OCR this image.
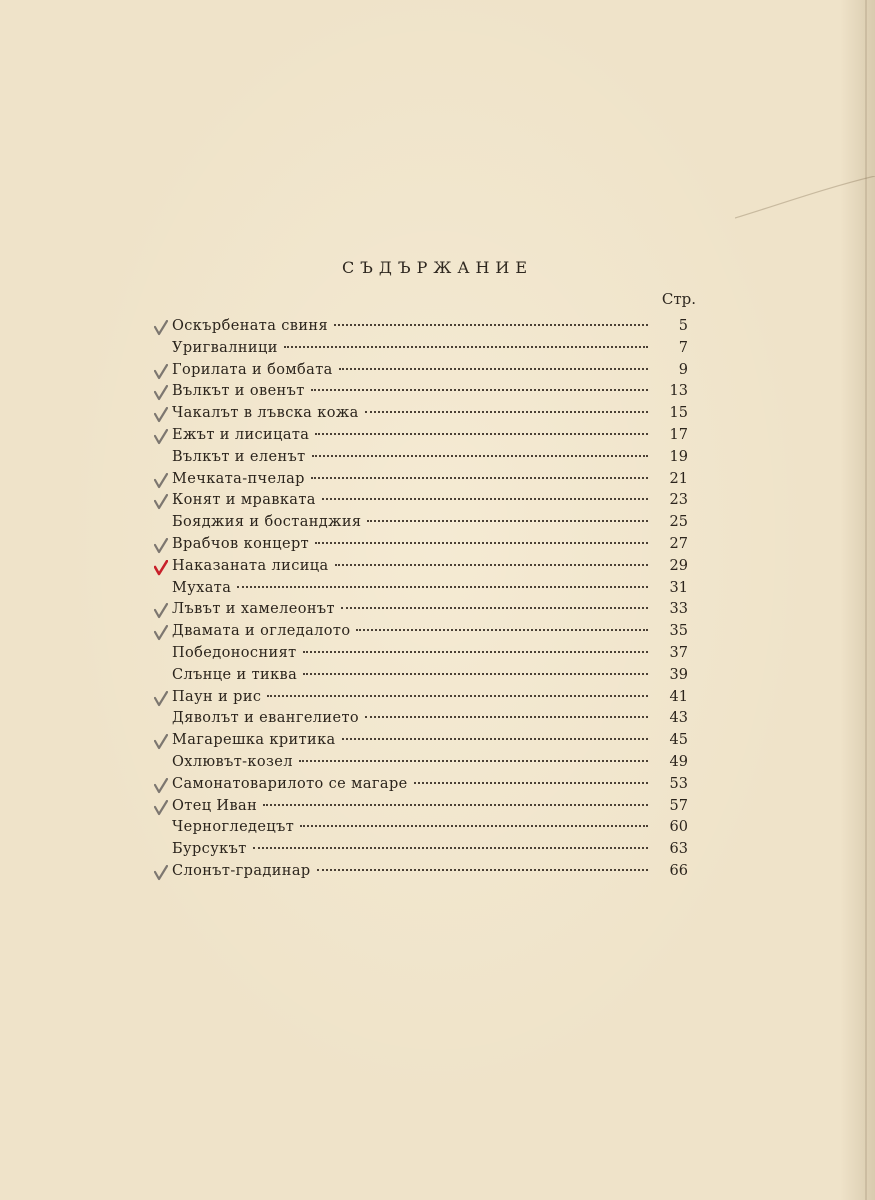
СЪДЪРЖАНИЕ
Стр.
Оскърбената свиня	5
Уригвалници	7
Горилата и бомбата	9
Вълкът и овенът	13
Чакалът в лъвска кожа	15
Ежът и лисицата	17
Вълкът и еленът	19
Мечката-пчелар	21
Конят и мравката	23
Бояджия и бостанджия	25
Врабчов концерт	27
Наказаната лисица	29
Мухата	31
Лъвът и хамелеонът	33
Двамата и огледалото	35
Победоносният	37
Слънце и тиква	39
Паун и рис	41
Дяволът и евангелието	43
Магарешка критика	45
Охлювът-козел	49
Самонатоварилото се магаре	53
Отец Иван	57
Черногледецът	60
Бурсукът	63
Слонът-градинар	66
